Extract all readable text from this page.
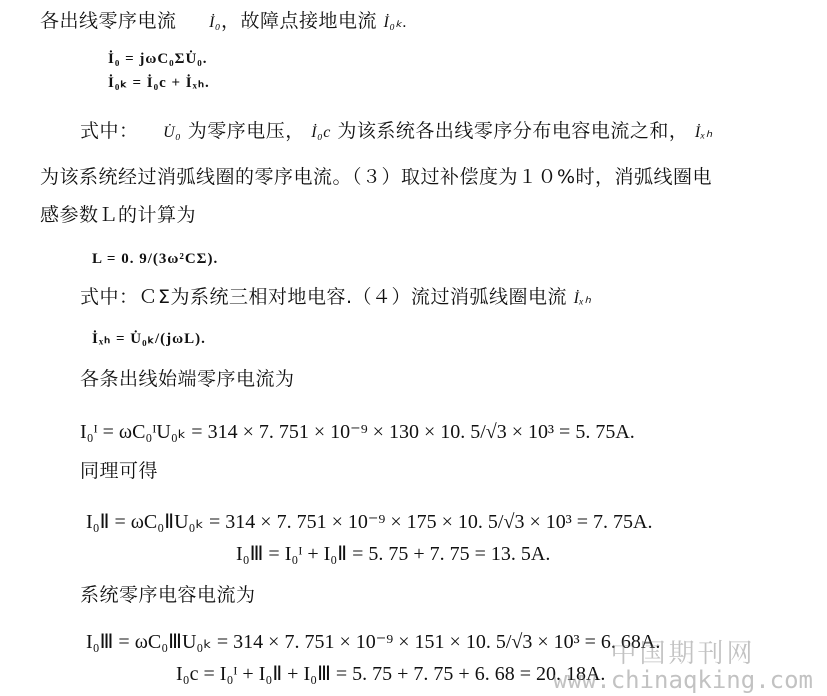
各出线零序电流 İ₀，故障点接地电流 İ₀ₖ.
İ₀ = jωC₀ΣU̇₀.
İ₀ₖ = İ₀c + İₓₕ.
式中： U̇₀ 为零序电压， İ₀c 为该系统各出线零序分布电容电流之和， İₓₕ
为该系统经过消弧线圈的零序电流。（３）取过补偿度为１０%时，消弧线圈电
感参数Ｌ的计算为
L = 0. 9/(3ω²CΣ).
式中：ＣΣ为系统三相对地电容.（４）流过消弧线圈电流 İₓₕ
İₓₕ = U̇₀ₖ/(jωL).
各条出线始端零序电流为
I₀ᴵ = ωC₀ᴵU₀ₖ = 314 × 7. 751 × 10⁻⁹ × 130 × 10. 5/√3 × 10³ = 5. 75A.
同理可得
I₀Ⅱ = ωC₀ⅡU₀ₖ = 314 × 7. 751 × 10⁻⁹ × 175 × 10. 5/√3 × 10³ = 7. 75A.
I₀Ⅲ = I₀ᴵ + I₀Ⅱ = 5. 75 + 7. 75 = 13. 5A.
系统零序电容电流为
I₀Ⅲ = ωC₀ⅢU₀ₖ = 314 × 7. 751 × 10⁻⁹ × 151 × 10. 5/√3 × 10³ = 6. 68A.
I₀c = I₀ᴵ + I₀Ⅱ + I₀Ⅲ = 5. 75 + 7. 75 + 6. 68 = 20. 18A.
中国期刊网
www.chinaqking.com
